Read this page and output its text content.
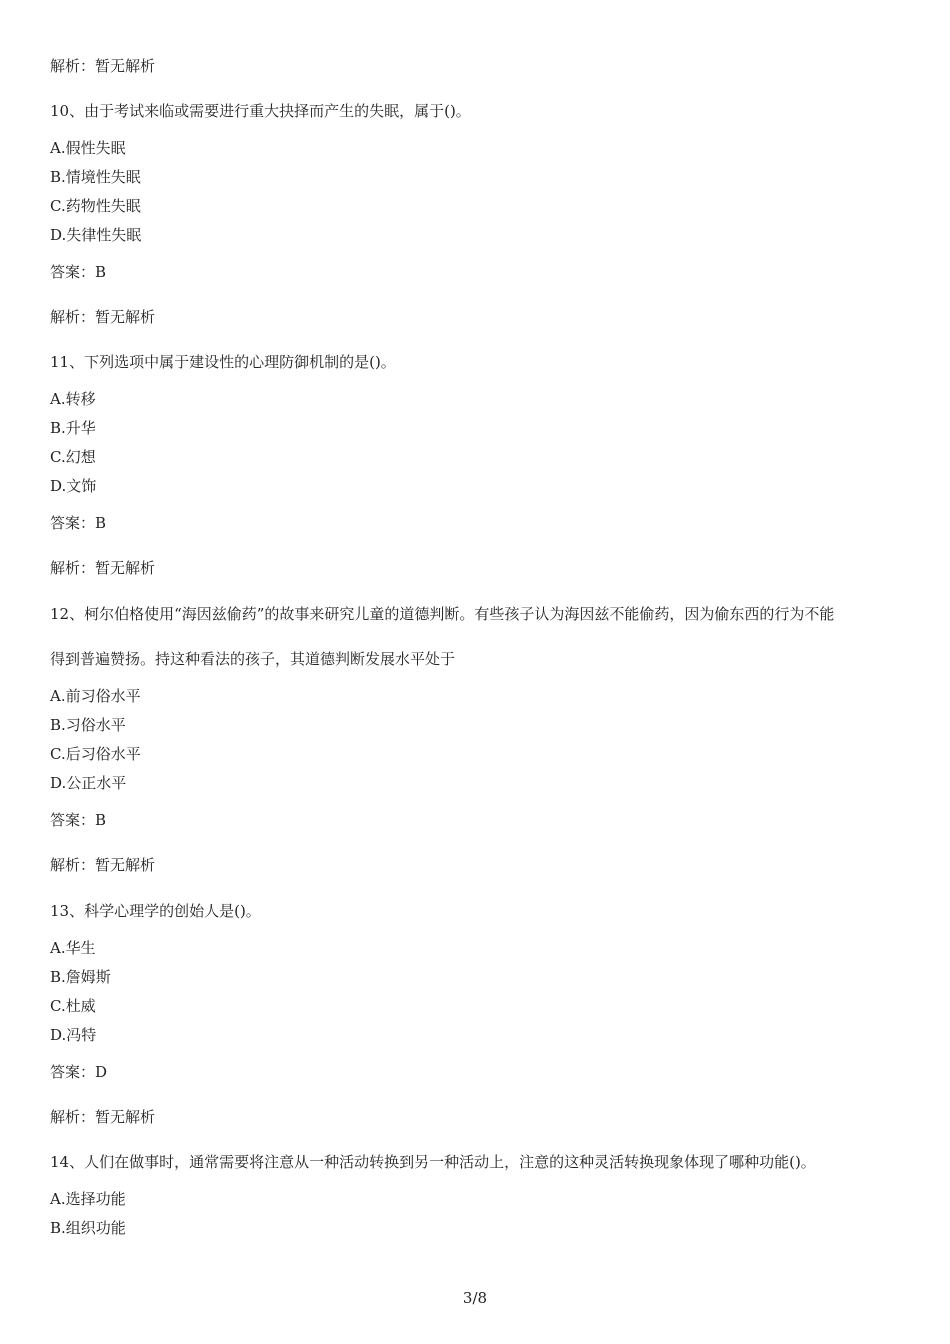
解析：暂无解析
10、由于考试来临或需要进行重大抉择而产生的失眠，属于()。
A.假性失眠
B.情境性失眠
C.药物性失眠
D.失律性失眠
答案：B
解析：暂无解析
11、下列选项中属于建设性的心理防御机制的是()。
A.转移
B.升华
C.幻想
D.文饰
答案：B
解析：暂无解析
12、柯尔伯格使用“海因兹偷药”的故事来研究儿童的道德判断。有些孩子认为海因兹不能偷药，因为偷东西的行为不能
得到普遍赞扬。持这种看法的孩子，其道德判断发展水平处于
A.前习俗水平
B.习俗水平
C.后习俗水平
D.公正水平
答案：B
解析：暂无解析
13、科学心理学的创始人是()。
A.华生
B.詹姆斯
C.杜威
D.冯特
答案：D
解析：暂无解析
14、人们在做事时，通常需要将注意从一种活动转换到另一种活动上，注意的这种灵活转换现象体现了哪种功能()。
A.选择功能
B.组织功能
3/8
